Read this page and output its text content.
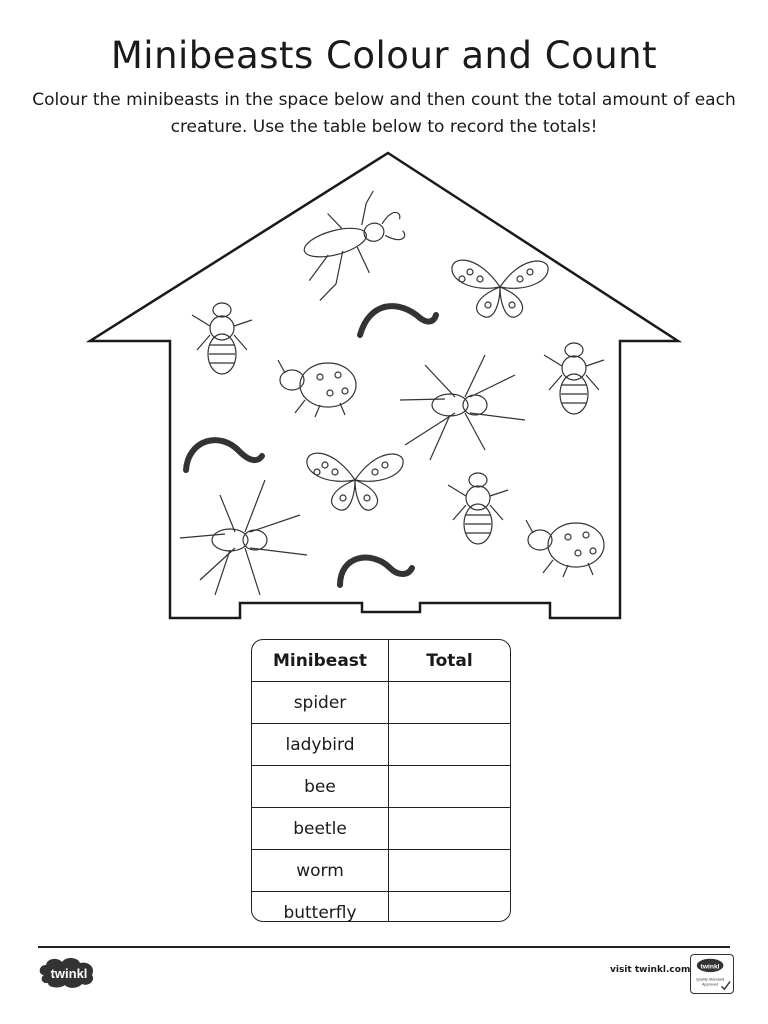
Minibeasts Colour and Count
Colour the minibeasts in the space below and then count the total amount of each creature. Use the table below to record the totals!
Minibeast	Total
spider	
ladybird	
bee	
beetle	
worm	
butterfly	
twinkl	visit twinkl.com twinkl
Quality Standard
Approved
